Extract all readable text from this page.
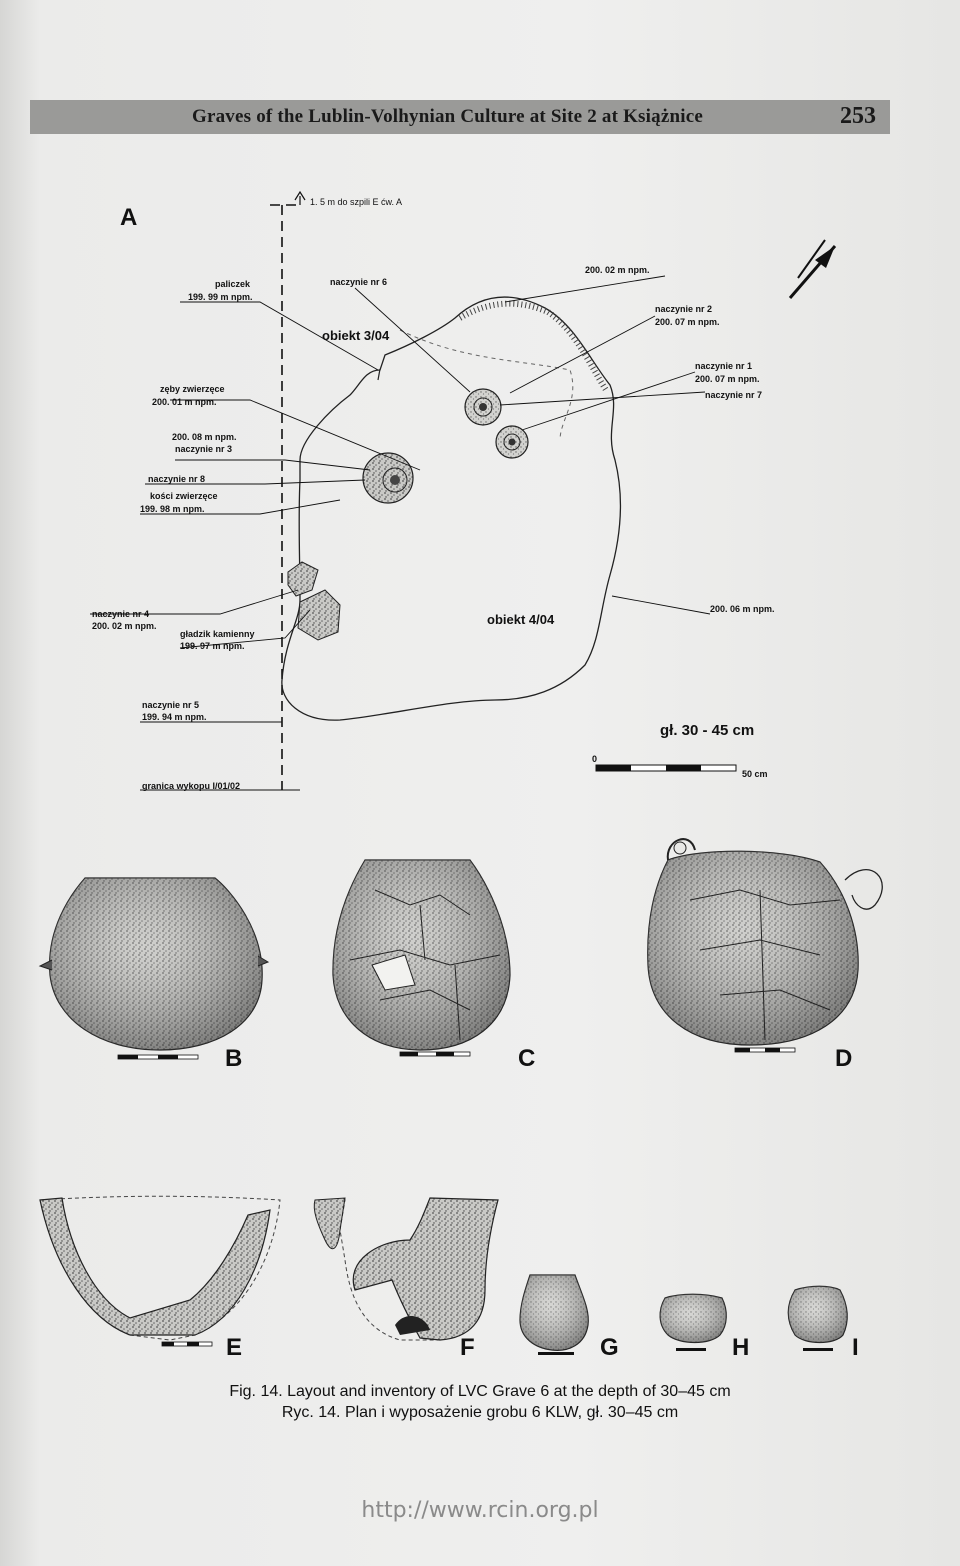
Graves of the Lublin-Volhynian Culture at Site 2 at Książnice	253
A
1. 5 m do szpili E ćw. A
paliczek
199. 99 m npm.
naczynie nr 6
200. 02 m npm.
naczynie nr 2
200. 07 m npm.
zęby zwierzęce
200. 01 m npm.
naczynie nr 1
200. 07 m npm.
naczynie nr 7
200. 08 m npm.
naczynie nr 3
naczynie nr 8
kości zwierzęce
199. 98 m npm.
naczynie nr 4
200. 02 m npm.
gładzik kamienny
199. 97 m npm.
200. 06 m npm.
naczynie nr 5
199. 94 m npm.
granica wykopu I/01/02
obiekt 3/04
obiekt 4/04
gł. 30 - 45 cm
0
50 cm
B	C	D
E	F	G	H	I
Fig. 14. Layout and inventory of LVC Grave 6 at the depth of 30–45 cm
Ryc. 14. Plan i wyposażenie grobu 6 KLW, gł. 30–45 cm
http://www.rcin.org.pl
